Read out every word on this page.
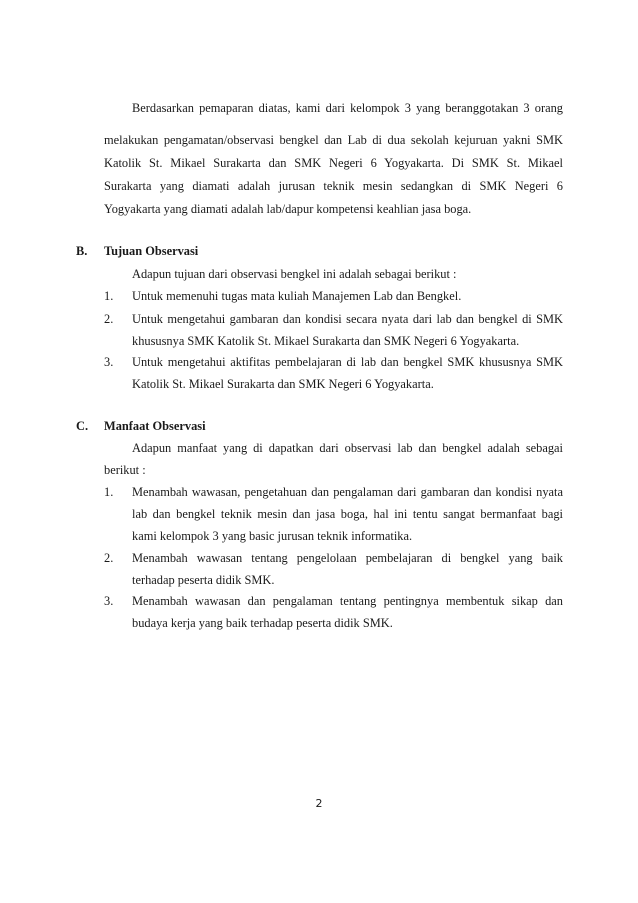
Berdasarkan pemaparan diatas, kami dari kelompok 3 yang beranggotakan 3 orang
melakukan pengamatan/observasi bengkel dan Lab di dua sekolah kejuruan yakni SMK
Katolik St. Mikael Surakarta dan SMK Negeri 6 Yogyakarta. Di SMK St. Mikael
Surakarta yang diamati adalah jurusan teknik mesin sedangkan di SMK Negeri 6
Yogyakarta yang diamati adalah lab/dapur kompetensi keahlian jasa boga.
B. Tujuan Observasi
Adapun tujuan dari observasi bengkel ini adalah sebagai berikut :
1. Untuk memenuhi tugas mata kuliah Manajemen Lab dan Bengkel.
2. Untuk mengetahui gambaran dan kondisi secara nyata dari lab dan bengkel di SMK
khususnya SMK Katolik St. Mikael Surakarta dan SMK Negeri 6 Yogyakarta.
3. Untuk mengetahui aktifitas pembelajaran di lab dan bengkel SMK khususnya SMK
Katolik St. Mikael Surakarta dan SMK Negeri 6 Yogyakarta.
C. Manfaat Observasi
Adapun manfaat yang di dapatkan dari observasi lab dan bengkel adalah sebagai
berikut :
1. Menambah wawasan, pengetahuan dan pengalaman dari gambaran dan kondisi nyata
lab dan bengkel teknik mesin dan jasa boga, hal ini tentu sangat bermanfaat bagi
kami kelompok 3 yang basic jurusan teknik informatika.
2. Menambah wawasan tentang pengelolaan pembelajaran di bengkel yang baik
terhadap peserta didik SMK.
3. Menambah wawasan dan pengalaman tentang pentingnya membentuk sikap dan
budaya kerja yang baik terhadap peserta didik SMK.
2
